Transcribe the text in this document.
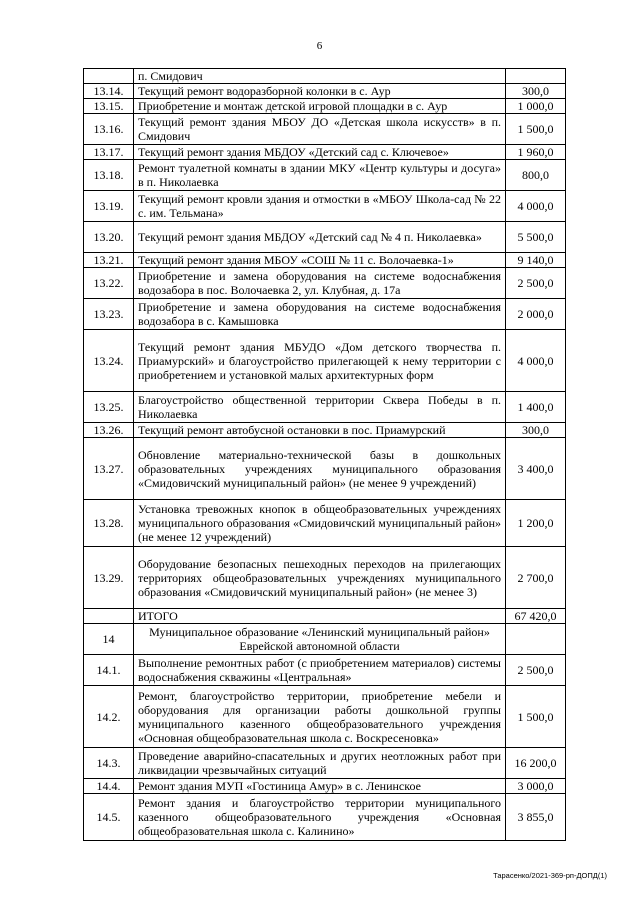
6
	п. Смидович	
13.14.	Текущий ремонт водоразборной колонки в с. Аур	300,0
13.15.	Приобретение и монтаж детской игровой площадки в с. Аур	1 000,0
13.16.	Текущий ремонт здания МБОУ ДО «Детская школа искусств» в п. Смидович	1 500,0
13.17.	Текущий ремонт здания МБДОУ «Детский сад с. Ключевое»	1 960,0
13.18.	Ремонт туалетной комнаты в здании МКУ «Центр культуры и досуга» в п. Николаевка	800,0
13.19.	Текущий ремонт кровли здания и отмостки в «МБОУ Школа-сад № 22 с. им. Тельмана»	4 000,0
13.20.	Текущий ремонт здания МБДОУ «Детский сад № 4 п. Николаевка»	5 500,0
13.21.	Текущий ремонт здания МБОУ «СОШ № 11 с. Волочаевка-1»	9 140,0
13.22.	Приобретение и замена оборудования на системе водоснабжения водозабора в пос. Волочаевка 2, ул. Клубная, д. 17а	2 500,0
13.23.	Приобретение и замена оборудования на системе водоснабжения водозабора в с. Камышовка	2 000,0
13.24.	Текущий ремонт здания МБУДО «Дом детского творчества п. Приамурский» и благоустройство прилегающей к нему территории с приобретением и установкой малых архитектурных форм	4 000,0
13.25.	Благоустройство общественной территории Сквера Победы в п. Николаевка	1 400,0
13.26.	Текущий ремонт автобусной остановки в пос. Приамурский	300,0
13.27.	Обновление материально-технической базы в дошкольных образовательных учреждениях муниципального образования «Смидовичский муниципальный район» (не менее 9 учреждений)	3 400,0
13.28.	Установка тревожных кнопок в общеобразовательных учреждениях муниципального образования «Смидовичский муниципальный район» (не менее 12 учреждений)	1 200,0
13.29.	Оборудование безопасных пешеходных переходов на прилегающих территориях общеобразовательных учреждениях муниципального образования «Смидовичский муниципальный район» (не менее 3)	2 700,0
	ИТОГО	67 420,0
14	Муниципальное образование «Ленинский муниципальный район» Еврейской автономной области	
14.1.	Выполнение ремонтных работ (с приобретением материалов) системы водоснабжения скважины «Центральная»	2 500,0
14.2.	Ремонт, благоустройство территории, приобретение мебели и оборудования для организации работы дошкольной группы муниципального казенного общеобразовательного учреждения «Основная общеобразовательная школа с. Воскресеновка»	1 500,0
14.3.	Проведение аварийно-спасательных и других неотложных работ при ликвидации чрезвычайных ситуаций	16 200,0
14.4.	Ремонт здания МУП «Гостиница Амур» в с. Ленинское	3 000,0
14.5.	Ремонт здания и благоустройство территории муниципального казенного общеобразовательного учреждения «Основная общеобразовательная школа с. Калинино»	3 855,0
Тарасенко/2021-369-рп-ДОПД(1)
